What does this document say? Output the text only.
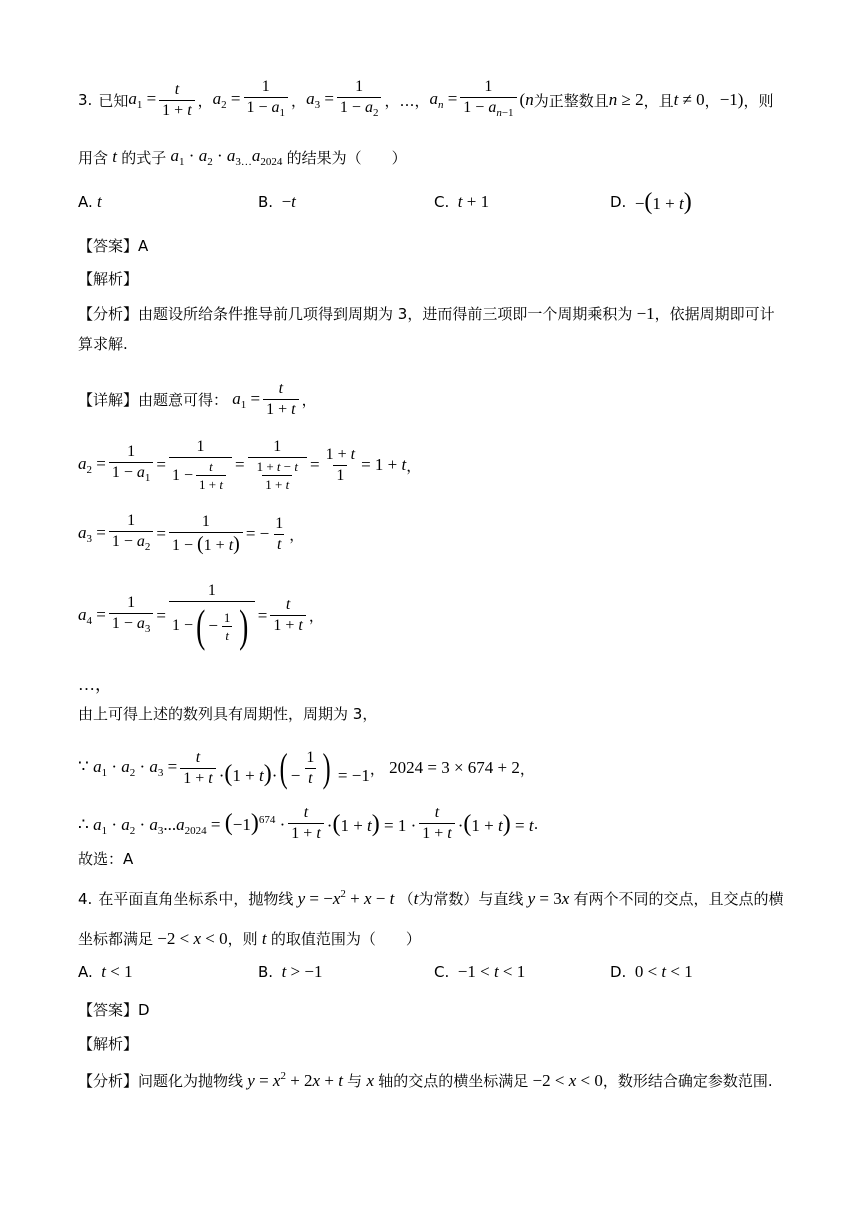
3. 已知 $a_1 = \frac{t}{1 + t}$ ， $a_2 = \frac{1}{1 - a_1}$ ， $a_3 = \frac{1}{1 - a_2}$ ，…， $a_n = \frac{1}{1 - a_{n-1}} (n$ 为正整数且 n ≥ 2 ，且 t ≠ 0 ， −1) ，则
用含 t 的式子 $a_1 \cdot a_2 \cdot a_{3\dots}a_{2024}$ 的结果为（　　）
A. t	B. −t	C. t + 1	D. −(1 + t)
【答案】A
【解析】
【分析】由题设所给条件推导前几项得到周期为 3，进而得前三项即一个周期乘积为 −1 ，依据周期即可计
算求解.
【详解】由题意可得： $a_1 = \frac{t}{1 + t}$ ，
$a_2 = \frac{1}{1 - a_1} = \frac{1}{1 - \frac{t}{1 + t}} = \frac{1}{\frac{1 + t - t}{1 + t}} = \frac{1 + t}{1} = 1 + t$ ，
$a_3 = \frac{1}{1 - a_2} = \frac{1}{1 - (1 + t)}$ = − $\frac{1}{t}$ ，
$a_4 = \frac{1}{1 - a_3} = \frac{1}{1 - ( - \frac{1}{t} )} = \frac{t}{1 + t}$ ，
…，
由上可得上述的数列具有周期性，周期为 3，
∵ $a_1 \cdot a_2 \cdot a_3 = \frac{t}{1 + t} \cdot(1 + t)\cdot( - \frac{1}{t}$ ) = −1 ， 2024 = 3 × 674 + 2 ，
∴ $a_1 \cdot a_2 \cdot a_3...a_{2024} = (-1)^{674} \cdot \frac{t}{1 + t} \cdot(1 + t) = 1 \cdot \frac{t}{1 + t} \cdot(1 + t) = t$ .
故选：A
4. 在平面直角坐标系中，抛物线 $y = -x^2 + x - t$ （ t 为常数）与直线 y = 3x 有两个不同的交点，且交点的横
坐标都满足 −2 < x < 0 ，则 t 的取值范围为（　　）
A. t < 1	B. t > −1	C. −1 < t < 1	D. 0 < t < 1
【答案】D
【解析】
【分析】问题化为抛物线 $y = x^2 + 2x + t$ 与 x 轴的交点的横坐标满足 −2 < x < 0 ，数形结合确定参数范围.
